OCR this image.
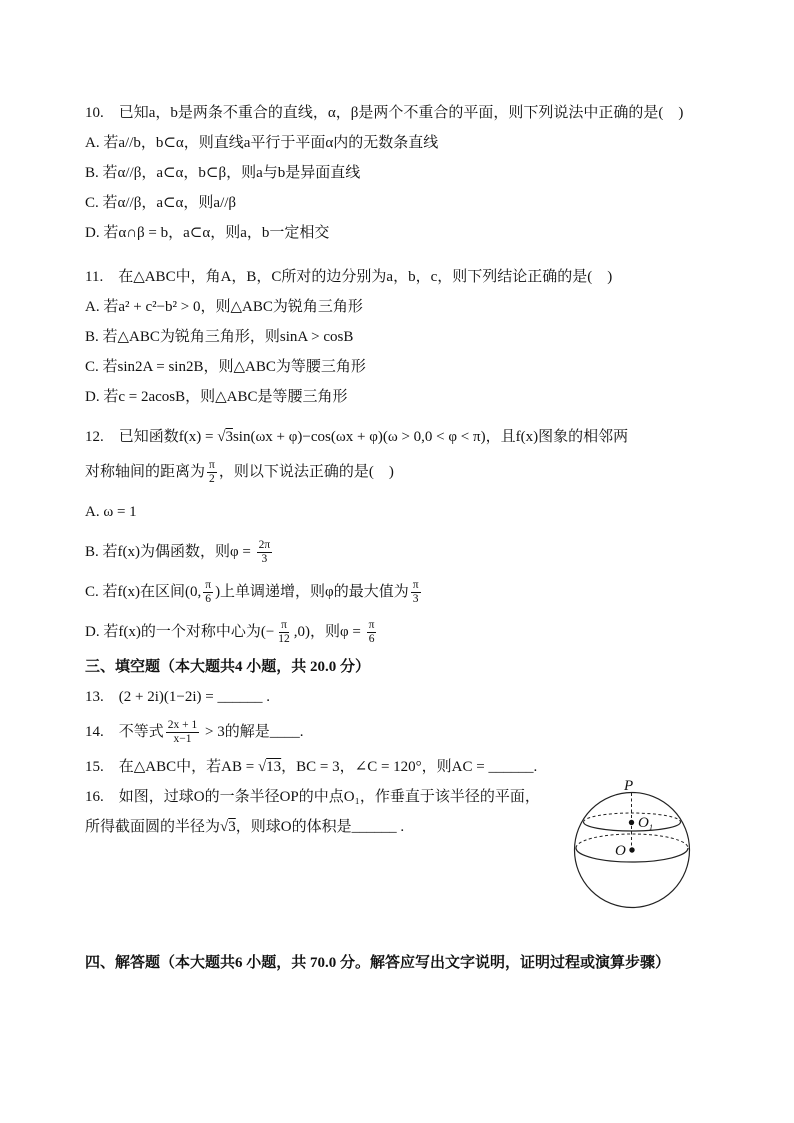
10.　已知a，b是两条不重合的直线，α，β是两个不重合的平面，则下列说法中正确的是(　)
A. 若a//b，b⊂α，则直线a平行于平面α内的无数条直线
B. 若α//β，a⊂α，b⊂β，则a与b是异面直线
C. 若α//β，a⊂α，则a//β
D. 若α∩β = b，a⊂α，则a，b一定相交
11.　在△ABC中，角A，B，C所对的边分别为a，b，c，则下列结论正确的是(　)
A. 若a² + c²−b² > 0，则△ABC为锐角三角形
B. 若△ABC为锐角三角形，则sinA > cosB
C. 若sin2A = sin2B，则△ABC为等腰三角形
D. 若c = 2acosB，则△ABC是等腰三角形
12.　已知函数f(x) = √3sin(ωx + φ)−cos(ωx + φ)(ω > 0,0 < φ < π)，且f(x)图象的相邻两
对称轴间的距离为 $\frac{\pi}{2}$ ，则以下说法正确的是(　)
A. ω = 1
B. 若f(x)为偶函数，则$\varphi = \frac{2\pi}{3}$
C. 若f(x)在区间(0, $\frac{\pi}{6}$ )上单调递增，则φ的最大值为 $\frac{\pi}{3}$
D. 若f(x)的一个对称中心为(− $\frac{\pi}{12} ,0$)，则$\varphi = \frac{\pi}{6}$
三、填空题（本大题共4 小题，共 20.0 分）
13.　(2 + 2i)(1−2i) = ______ .
14.　不等式 $\frac{2x + 1}{x-1} > 3$的解是____.
15.　在△ABC中，若AB = √13，BC = 3，∠C = 120°，则AC = ______.
16.　如图，过球O的一条半径OP的中点O₁，作垂直于该半径的平面，
所得截面圆的半径为√3，则球O的体积是______ .
四、解答题（本大题共6 小题，共 70.0 分。解答应写出文字说明，证明过程或演算步骤）
P
$O_1$
O
